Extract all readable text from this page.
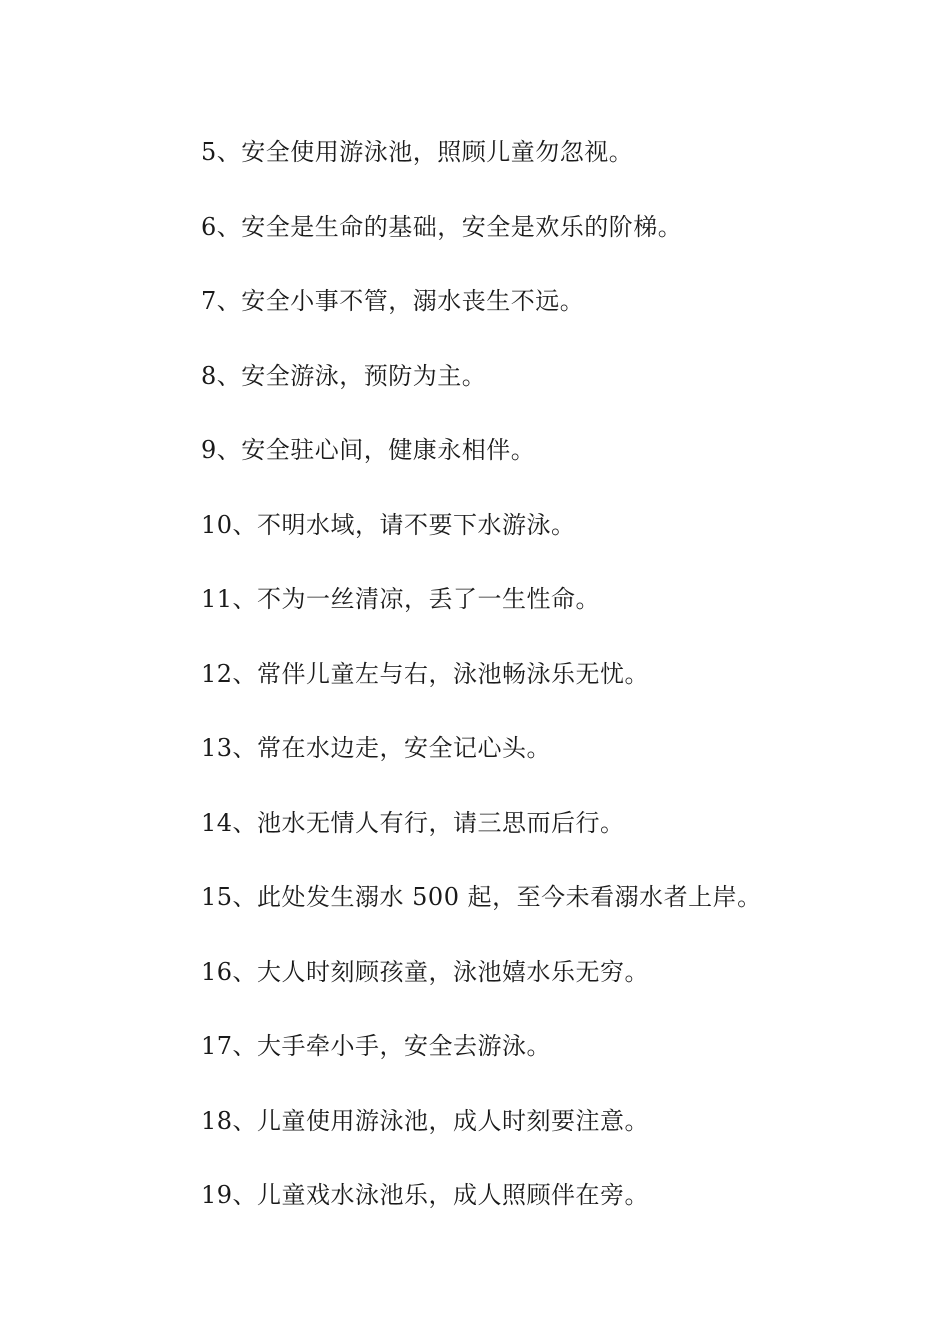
5、安全使用游泳池，照顾儿童勿忽视。
6、安全是生命的基础，安全是欢乐的阶梯。
7、安全小事不管，溺水丧生不远。
8、安全游泳，预防为主。
9、安全驻心间，健康永相伴。
10、不明水域，请不要下水游泳。
11、不为一丝清凉，丢了一生性命。
12、常伴儿童左与右，泳池畅泳乐无忧。
13、常在水边走，安全记心头。
14、池水无情人有行，请三思而后行。
15、此处发生溺水 500 起，至今未看溺水者上岸。
16、大人时刻顾孩童，泳池嬉水乐无穷。
17、大手牵小手，安全去游泳。
18、儿童使用游泳池，成人时刻要注意。
19、儿童戏水泳池乐，成人照顾伴在旁。
